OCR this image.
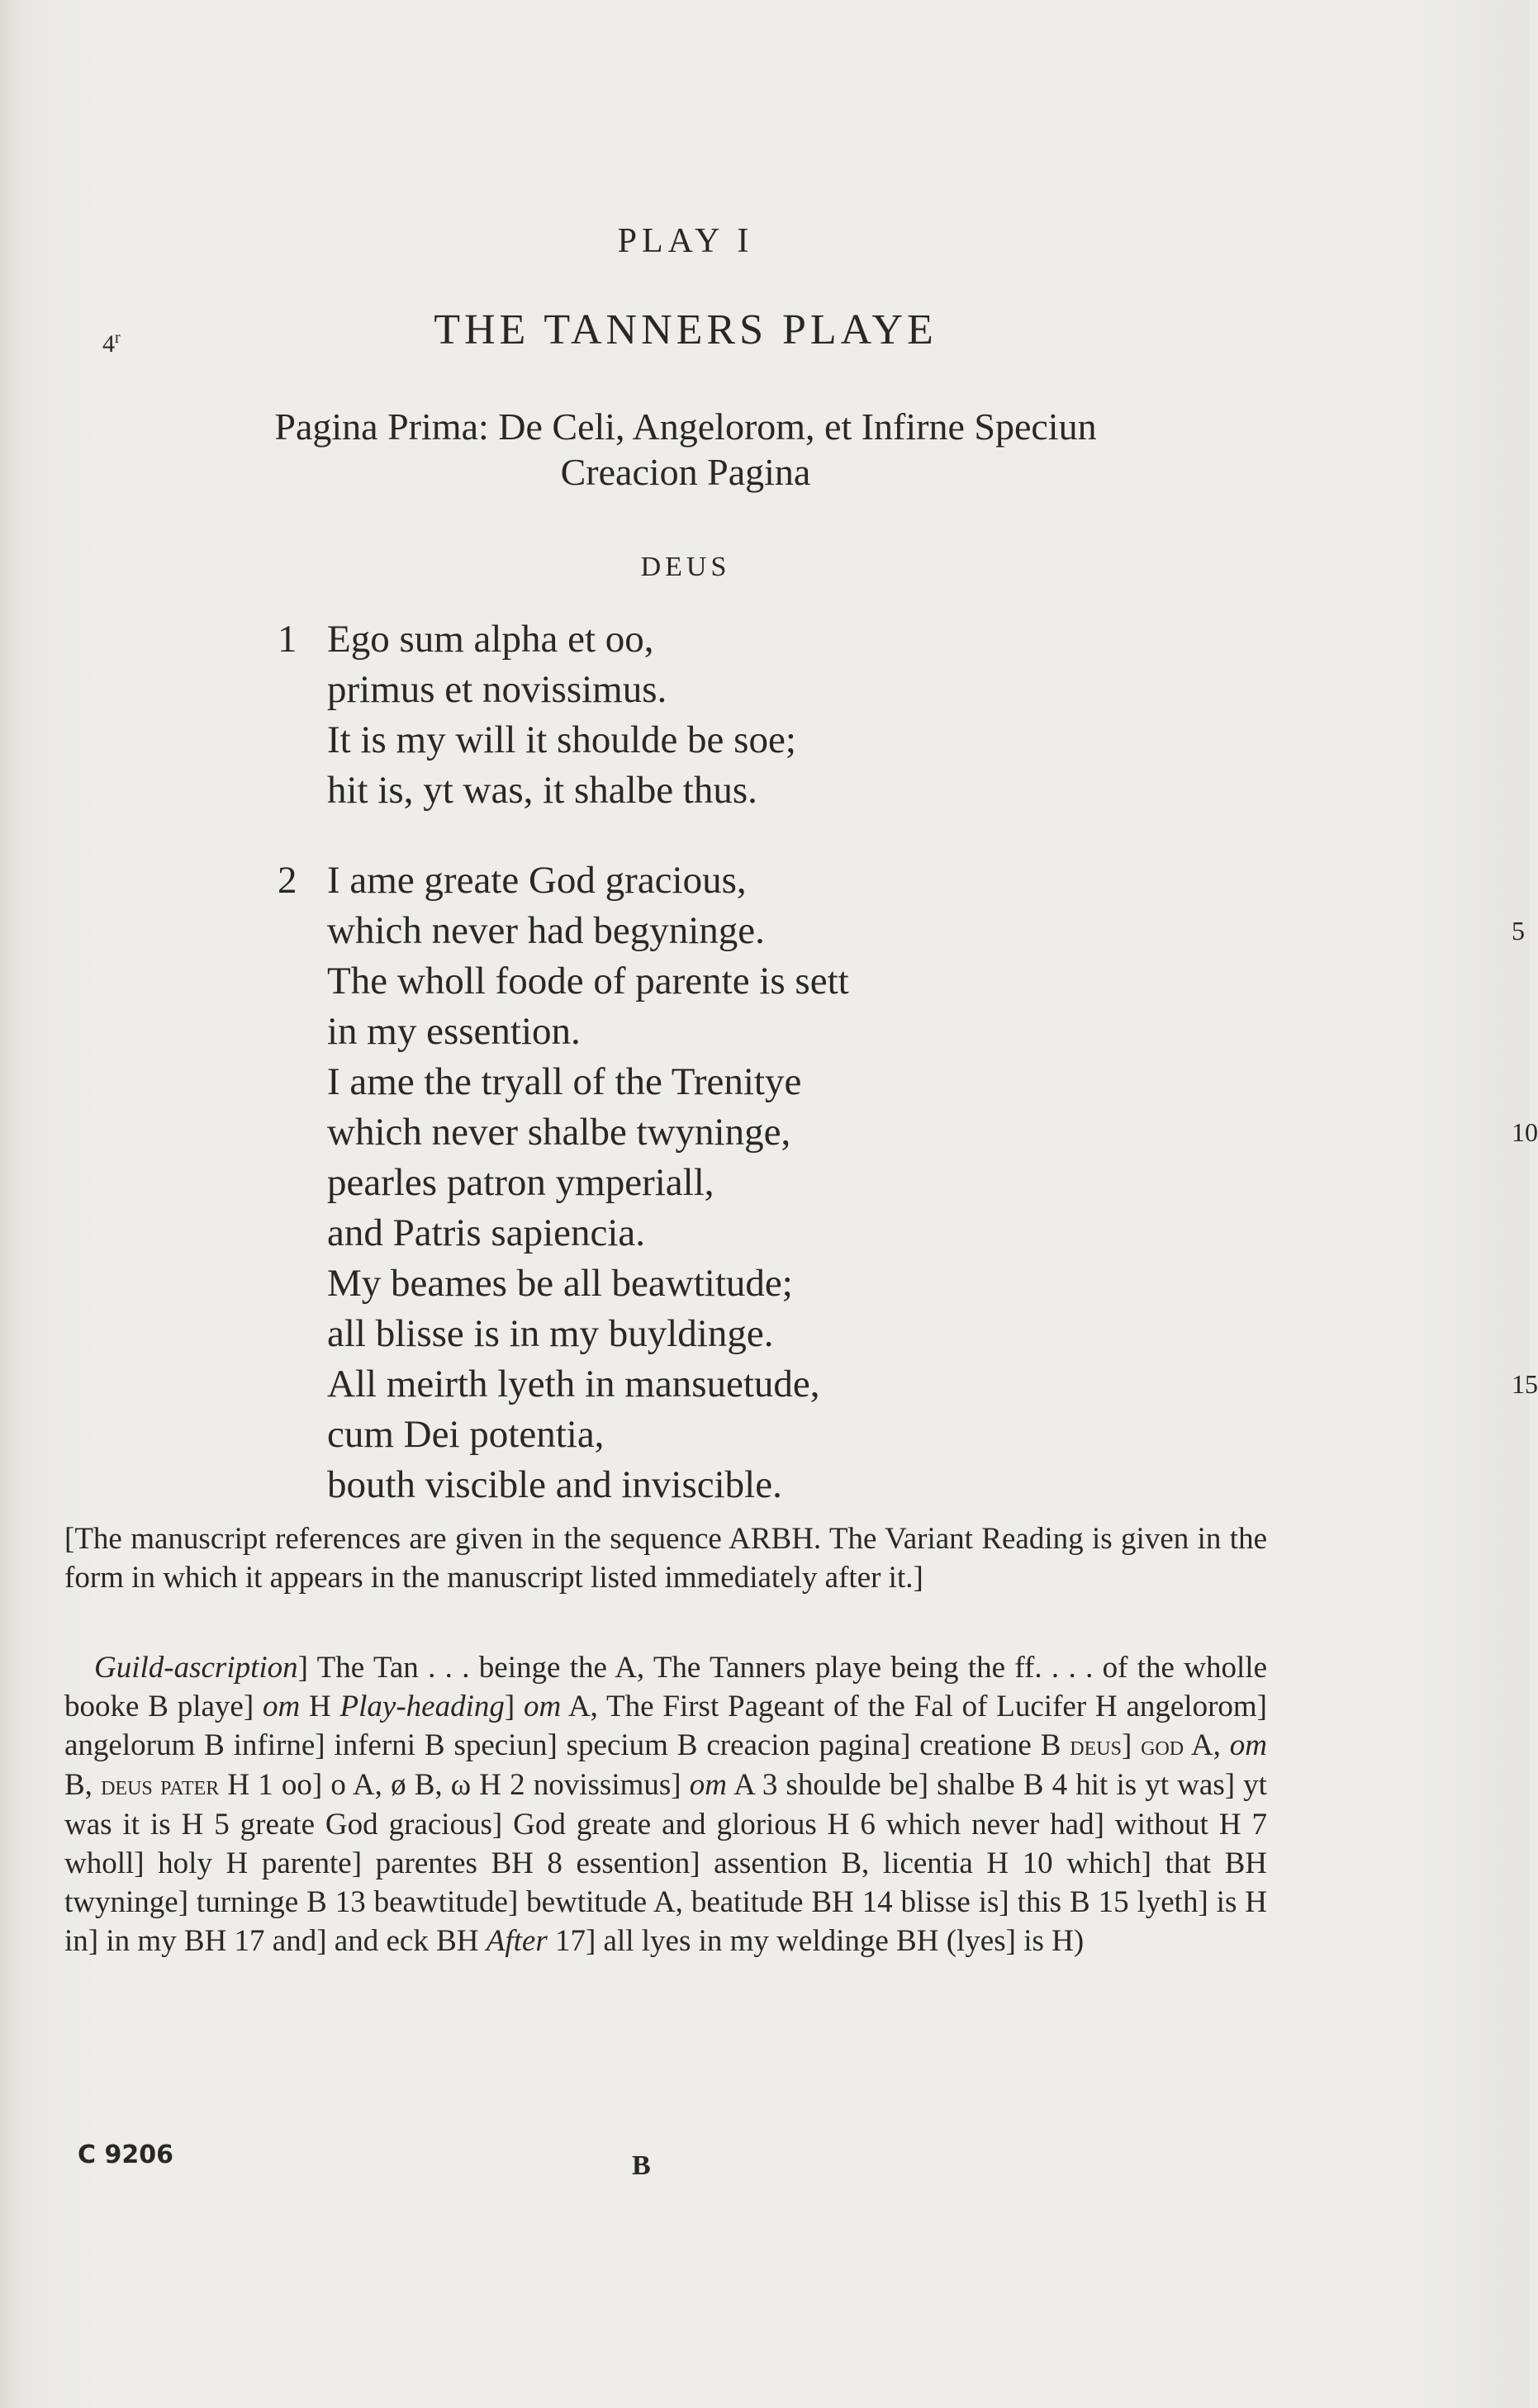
PLAY I
4$^r$	THE TANNERS PLAYE
Pagina Prima: De Celi, Angelorom, et Infirne Speciun
Creacion Pagina
DEUS
1 Ego sum alpha et oo,
primus et novissimus.
It is my will it shoulde be soe;
hit is, yt was, it shalbe thus.
2 I ame greate God gracious,
which never had begyninge.	5
The wholl foode of parente is sett
in my essention.
I ame the tryall of the Trenitye
which never shalbe twyninge,	10
pearles patron ymperiall,
and Patris sapiencia.
My beames be all beawtitude;
all blisse is in my buyldinge.
All meirth lyeth in mansuetude,	15
cum Dei potentia,
bouth viscible and inviscible.

[The manuscript references are given in the sequence ARBH. The Variant Reading is given in the form in which it appears in the manuscript listed immediately after it.]

Guild-ascription] The Tan . . . beinge the A, The Tanners playe being the ff. . . . of the wholle booke B playe] om H Play-heading] om A, The First Pageant of the Fal of Lucifer H angelorom] angelorum B infirne] inferni B speciun] specium B creacion pagina] creatione B deus] god A, om B, deus pater H 1 oo] o A, ø B, ω H 2 novissimus] om A 3 shoulde be] shalbe B 4 hit is yt was] yt was it is H 5 greate God gracious] God greate and glorious H 6 which never had] without H 7 wholl] holy H parente] parentes BH 8 essention] assention B, licentia H 10 which] that BH twyninge] turninge B 13 beawtitude] bewtitude A, beatitude BH 14 blisse is] this B 15 lyeth] is H in] in my BH 17 and] and eck BH After 17] all lyes in my weldinge BH (lyes] is H)

C 9206	B
